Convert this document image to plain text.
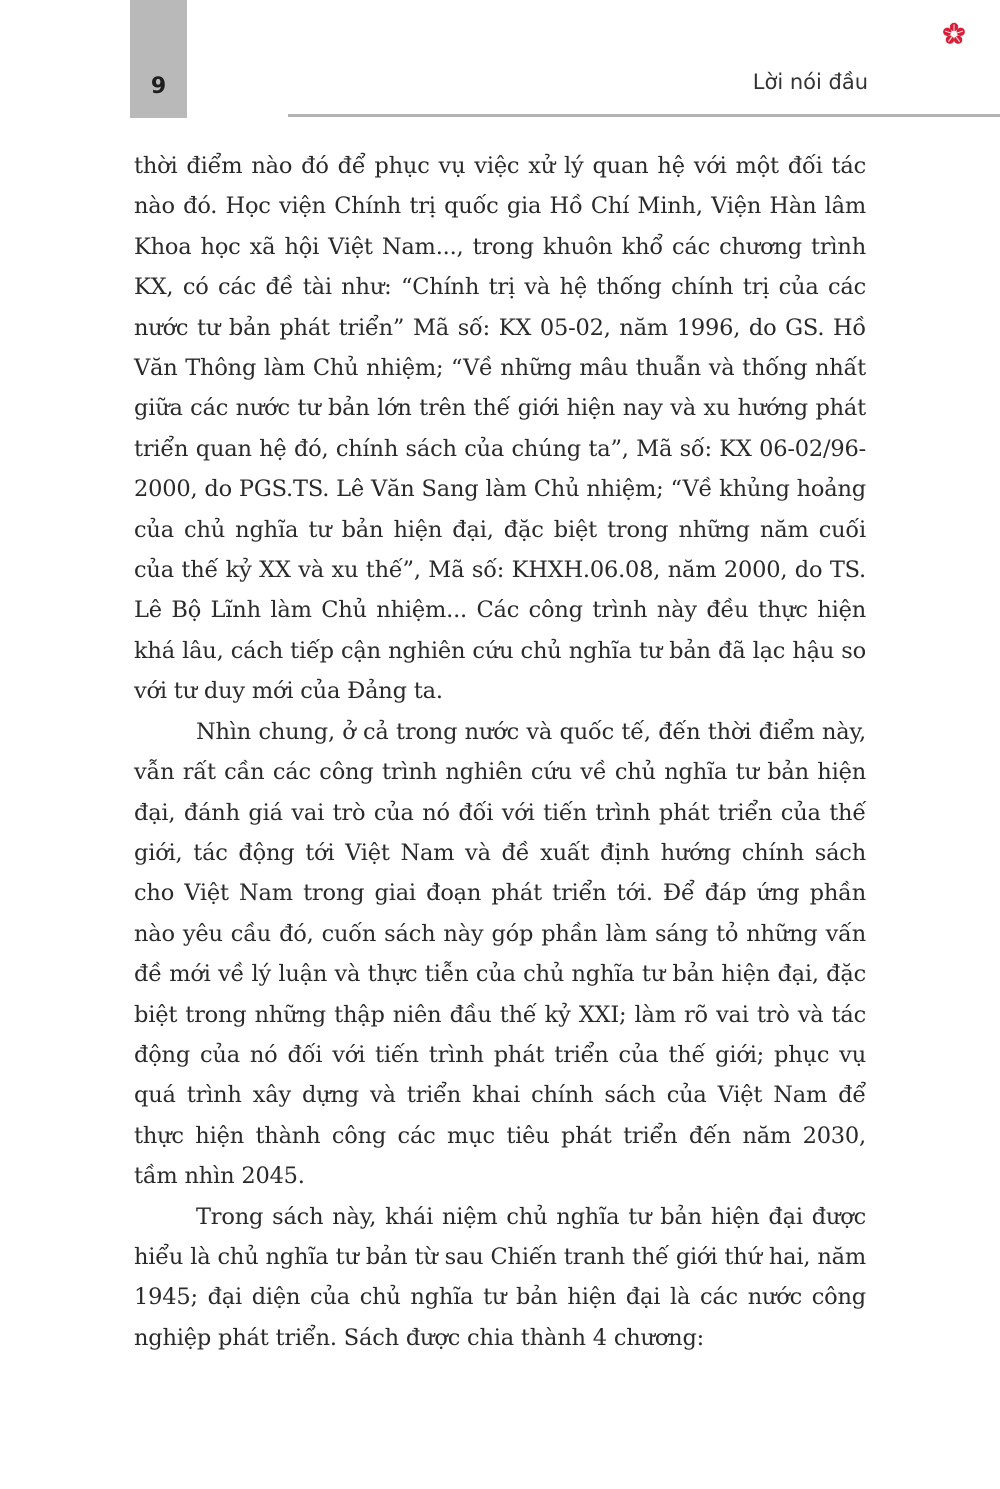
9	Lời nói đầu

thời điểm nào đó để phục vụ việc xử lý quan hệ với một đối tác nào đó. Học viện Chính trị quốc gia Hồ Chí Minh, Viện Hàn lâm Khoa học xã hội Việt Nam..., trong khuôn khổ các chương trình KX, có các đề tài như: “Chính trị và hệ thống chính trị của các nước tư bản phát triển” Mã số: KX 05-02, năm 1996, do GS. Hồ Văn Thông làm Chủ nhiệm; “Về những mâu thuẫn và thống nhất giữa các nước tư bản lớn trên thế giới hiện nay và xu hướng phát triển quan hệ đó, chính sách của chúng ta”, Mã số: KX 06-02/96-2000, do PGS.TS. Lê Văn Sang làm Chủ nhiệm; “Về khủng hoảng của chủ nghĩa tư bản hiện đại, đặc biệt trong những năm cuối của thế kỷ XX và xu thế”, Mã số: KHXH.06.08, năm 2000, do TS. Lê Bộ Lĩnh làm Chủ nhiệm... Các công trình này đều thực hiện khá lâu, cách tiếp cận nghiên cứu chủ nghĩa tư bản đã lạc hậu so với tư duy mới của Đảng ta.

Nhìn chung, ở cả trong nước và quốc tế, đến thời điểm này, vẫn rất cần các công trình nghiên cứu về chủ nghĩa tư bản hiện đại, đánh giá vai trò của nó đối với tiến trình phát triển của thế giới, tác động tới Việt Nam và đề xuất định hướng chính sách cho Việt Nam trong giai đoạn phát triển tới. Để đáp ứng phần nào yêu cầu đó, cuốn sách này góp phần làm sáng tỏ những vấn đề mới về lý luận và thực tiễn của chủ nghĩa tư bản hiện đại, đặc biệt trong những thập niên đầu thế kỷ XXI; làm rõ vai trò và tác động của nó đối với tiến trình phát triển của thế giới; phục vụ quá trình xây dựng và triển khai chính sách của Việt Nam để thực hiện thành công các mục tiêu phát triển đến năm 2030, tầm nhìn 2045.

Trong sách này, khái niệm chủ nghĩa tư bản hiện đại được hiểu là chủ nghĩa tư bản từ sau Chiến tranh thế giới thứ hai, năm 1945; đại diện của chủ nghĩa tư bản hiện đại là các nước công nghiệp phát triển. Sách được chia thành 4 chương:
